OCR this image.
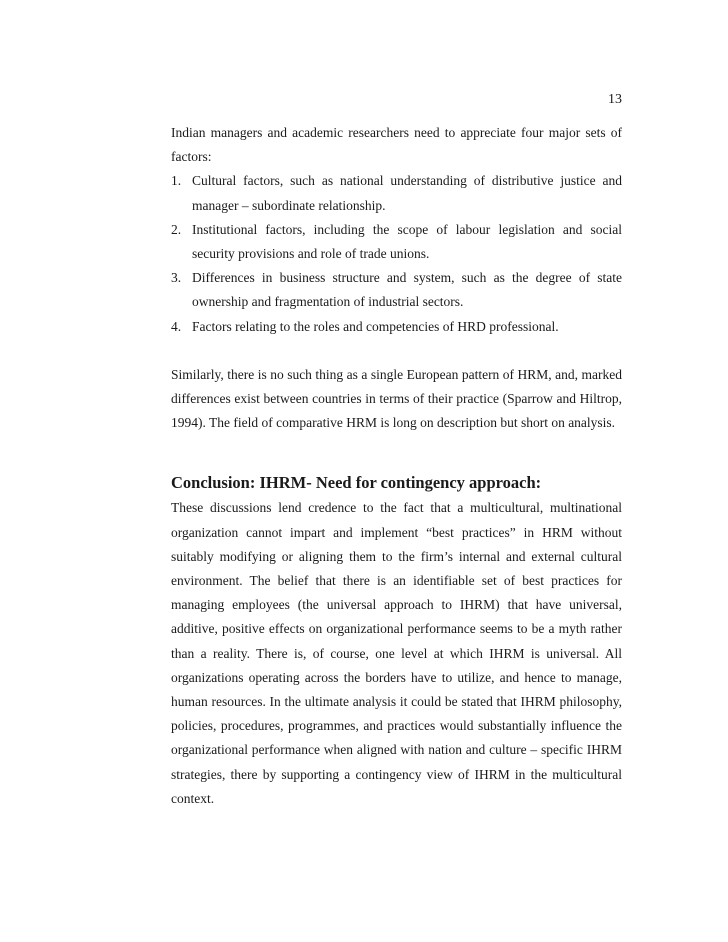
13

Indian managers and academic researchers need to appreciate four major sets of factors:

1. Cultural factors, such as national understanding of distributive justice and manager – subordinate relationship.
2. Institutional factors, including the scope of labour legislation and social security provisions and role of trade unions.
3. Differences in business structure and system, such as the degree of state ownership and fragmentation of industrial sectors.
4. Factors relating to the roles and competencies of HRD professional.

Similarly, there is no such thing as a single European pattern of HRM, and, marked differences exist between countries in terms of their practice (Sparrow and Hiltrop, 1994). The field of comparative HRM is long on description but short on analysis.

Conclusion: IHRM- Need for contingency approach:

These discussions lend credence to the fact that a multicultural, multinational organization cannot impart and implement “best practices” in HRM without suitably modifying or aligning them to the firm’s internal and external cultural environment. The belief that there is an identifiable set of best practices for managing employees (the universal approach to IHRM) that have universal, additive, positive effects on organizational performance seems to be a myth rather than a reality. There is, of course, one level at which IHRM is universal. All organizations operating across the borders have to utilize, and hence to manage, human resources. In the ultimate analysis it could be stated that IHRM philosophy, policies, procedures, programmes, and practices would substantially influence the organizational performance when aligned with nation and culture – specific IHRM strategies, there by supporting a contingency view of IHRM in the multicultural context.
